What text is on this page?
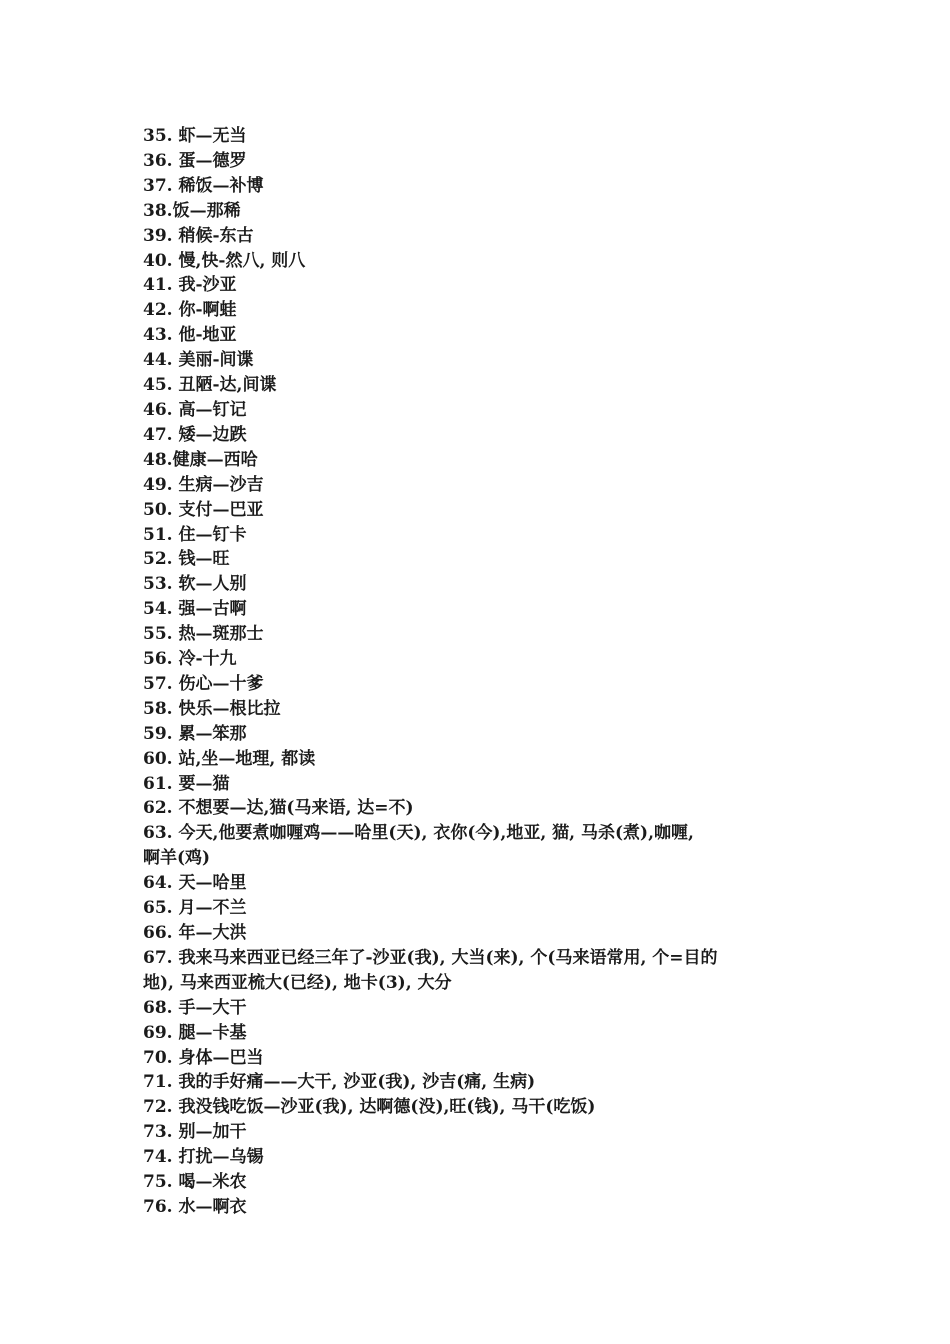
35. 虾—无当
36. 蛋—德罗
37. 稀饭—补博
38.饭—那稀
39. 稍候-东古
40. 慢,快-然八, 则八
41. 我-沙亚
42. 你-啊蛙
43. 他-地亚
44. 美丽-间谍
45. 丑陋-达,间谍
46. 高—钉记
47. 矮—边跌
48.健康—西哈
49. 生病—沙吉
50. 支付—巴亚
51. 住—钉卡
52. 钱—旺
53. 软—人别
54. 强—古啊
55. 热—斑那士
56. 冷-十九
57. 伤心—十爹
58. 快乐—根比拉
59. 累—笨那
60. 站,坐—地理, 都读
61. 要—猫
62. 不想要—达,猫(马来语, 达=不)
63. 今天,他要煮咖喱鸡——哈里(天), 衣你(今),地亚, 猫, 马杀(煮),咖喱,
啊羊(鸡)
64. 天—哈里
65. 月—不兰
66. 年—大洪
67. 我来马来西亚已经三年了-沙亚(我), 大当(来), 个(马来语常用, 个=目的
地), 马来西亚梳大(已经), 地卡(3), 大分
68. 手—大干
69. 腿—卡基
70. 身体—巴当
71. 我的手好痛——大干, 沙亚(我), 沙吉(痛, 生病)
72. 我没钱吃饭—沙亚(我), 达啊德(没),旺(钱), 马干(吃饭)
73. 别—加干
74. 打扰—乌锡
75. 喝—米农
76. 水—啊衣
